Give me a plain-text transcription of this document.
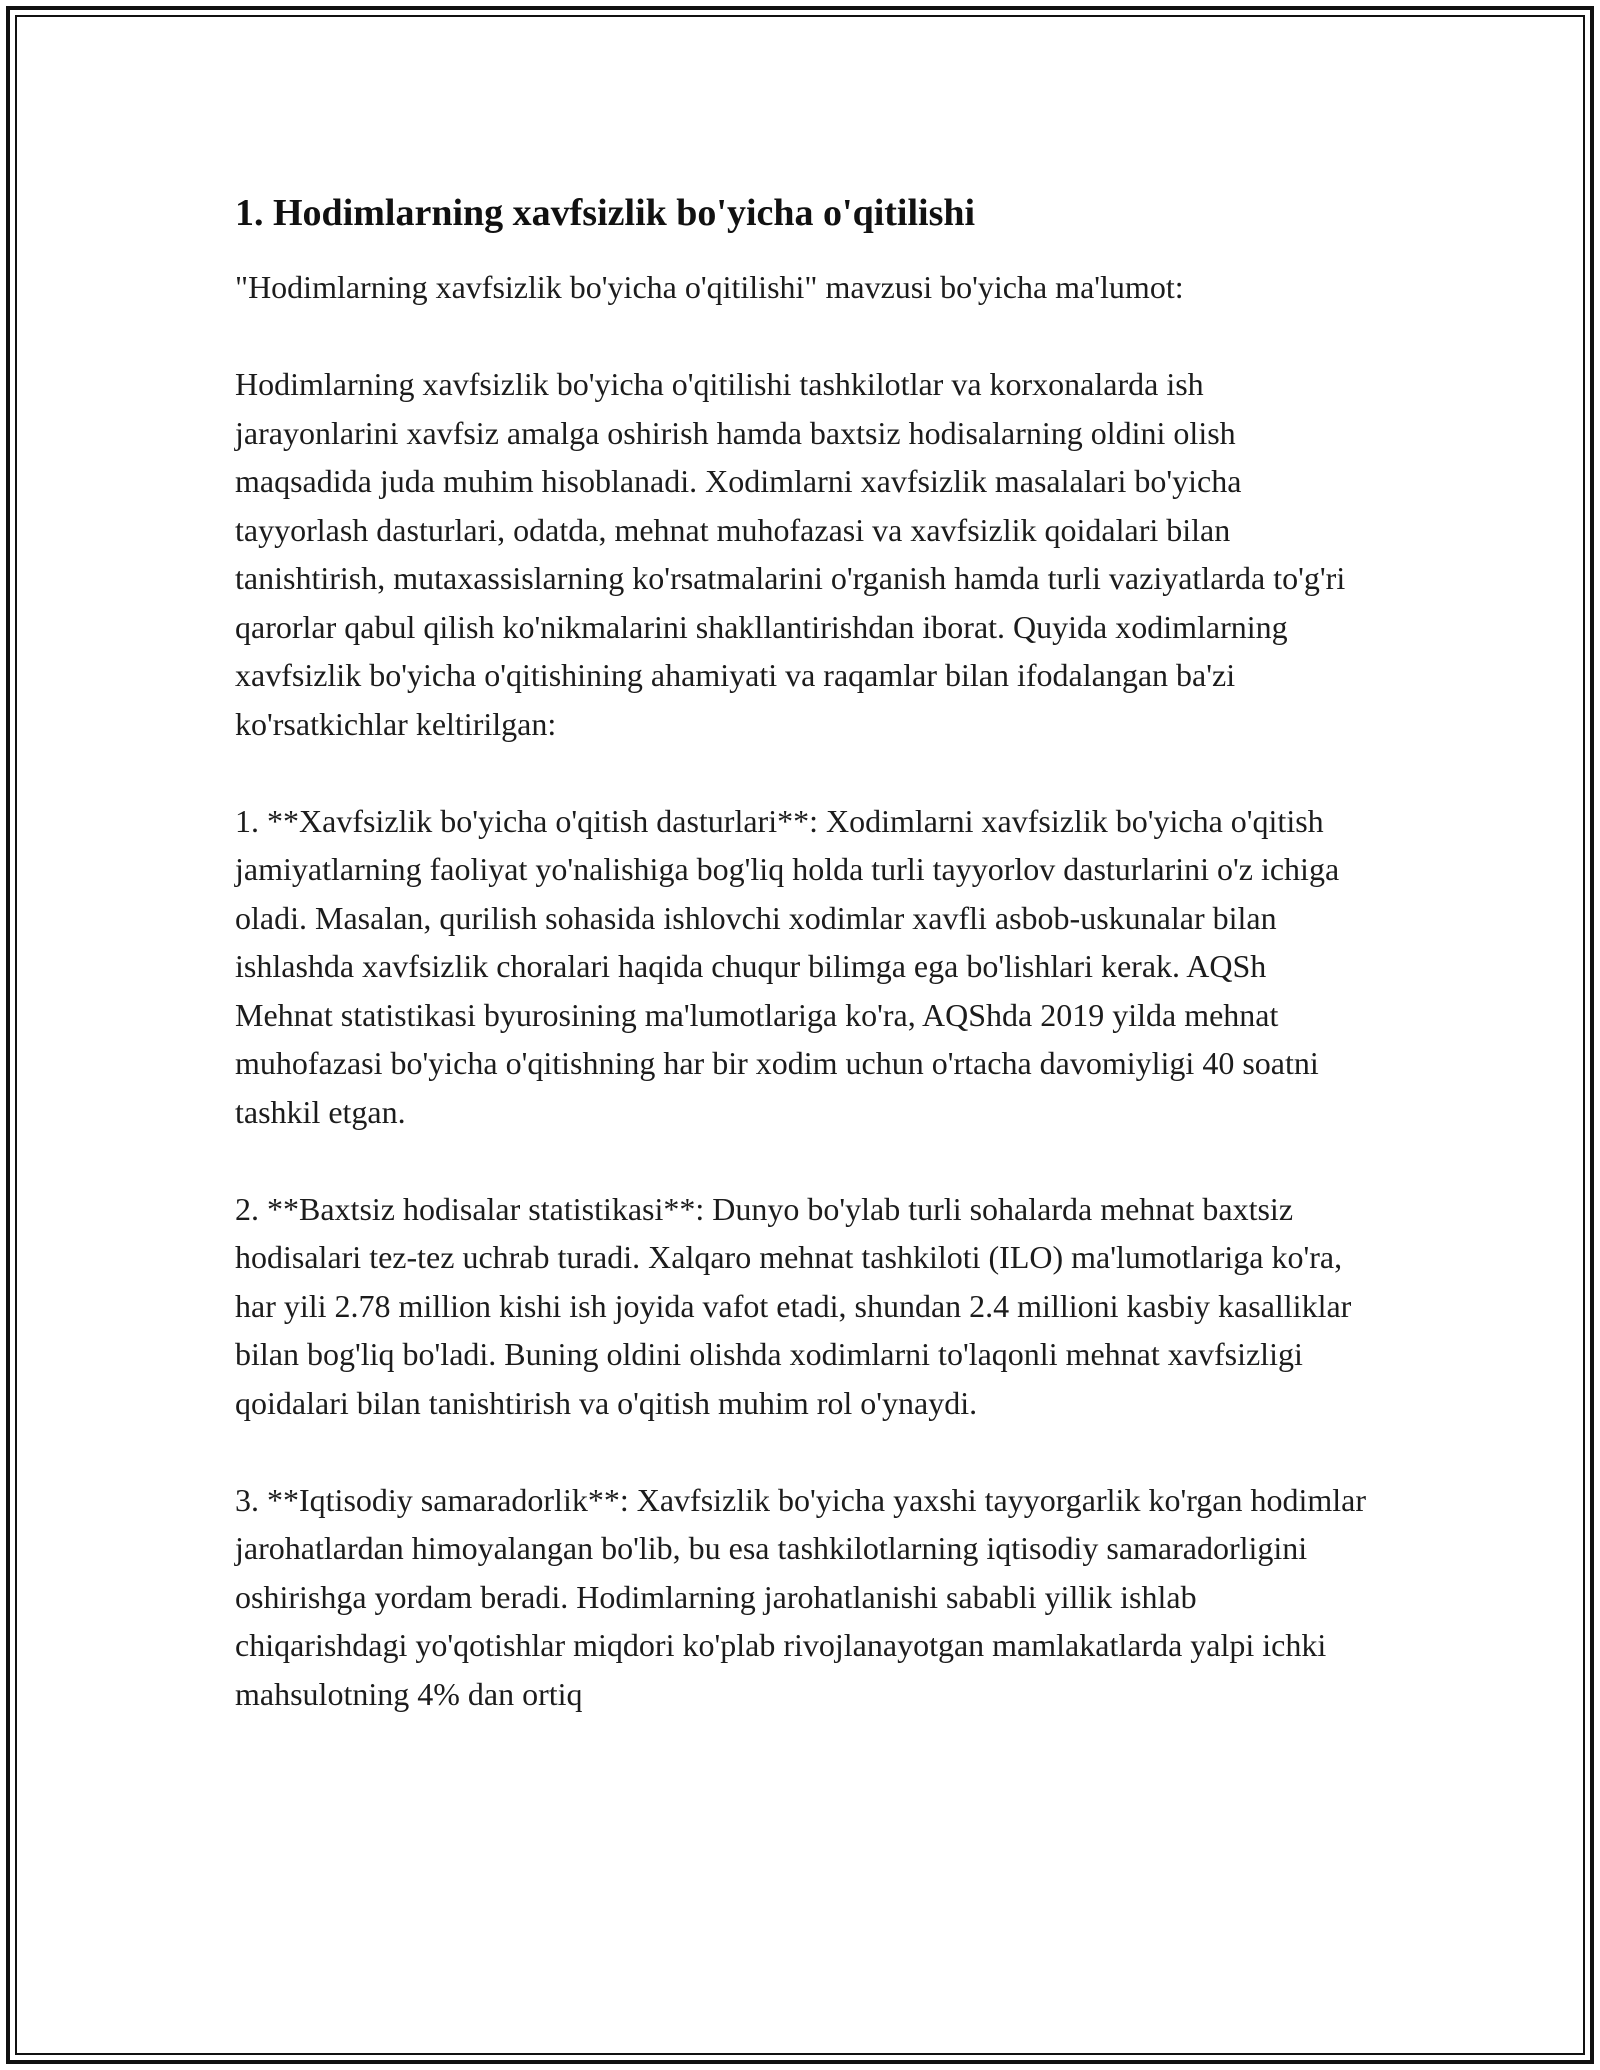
1. Hodimlarning xavfsizlik bo'yicha o'qitilishi

"Hodimlarning xavfsizlik bo'yicha o'qitilishi" mavzusi bo'yicha ma'lumot:

Hodimlarning xavfsizlik bo'yicha o'qitilishi tashkilotlar va korxonalarda ish jarayonlarini xavfsiz amalga oshirish hamda baxtsiz hodisalarning oldini olish maqsadida juda muhim hisoblanadi. Xodimlarni xavfsizlik masalalari bo'yicha tayyorlash dasturlari, odatda, mehnat muhofazasi va xavfsizlik qoidalari bilan tanishtirish, mutaxassislarning ko'rsatmalarini o'rganish hamda turli vaziyatlarda to'g'ri qarorlar qabul qilish ko'nikmalarini shakllantirishdan iborat. Quyida xodimlarning xavfsizlik bo'yicha o'qitishining ahamiyati va raqamlar bilan ifodalangan ba'zi ko'rsatkichlar keltirilgan:

1. **Xavfsizlik bo'yicha o'qitish dasturlari**: Xodimlarni xavfsizlik bo'yicha o'qitish jamiyatlarning faoliyat yo'nalishiga bog'liq holda turli tayyorlov dasturlarini o'z ichiga oladi. Masalan, qurilish sohasida ishlovchi xodimlar xavfli asbob-uskunalar bilan ishlashda xavfsizlik choralari haqida chuqur bilimga ega bo'lishlari kerak. AQSh Mehnat statistikasi byurosining ma'lumotlariga ko'ra, AQShda 2019 yilda mehnat muhofazasi bo'yicha o'qitishning har bir xodim uchun o'rtacha davomiyligi 40 soatni tashkil etgan.

2. **Baxtsiz hodisalar statistikasi**: Dunyo bo'ylab turli sohalarda mehnat baxtsiz hodisalari tez-tez uchrab turadi. Xalqaro mehnat tashkiloti (ILO) ma'lumotlariga ko'ra, har yili 2.78 million kishi ish joyida vafot etadi, shundan 2.4 millioni kasbiy kasalliklar bilan bog'liq bo'ladi. Buning oldini olishda xodimlarni to'laqonli mehnat xavfsizligi qoidalari bilan tanishtirish va o'qitish muhim rol o'ynaydi.

3. **Iqtisodiy samaradorlik**: Xavfsizlik bo'yicha yaxshi tayyorgarlik ko'rgan hodimlar jarohatlardan himoyalangan bo'lib, bu esa tashkilotlarning iqtisodiy samaradorligini oshirishga yordam beradi. Hodimlarning jarohatlanishi sababli yillik ishlab chiqarishdagi yo'qotishlar miqdori ko'plab rivojlanayotgan mamlakatlarda yalpi ichki mahsulotning 4% dan ortiq
